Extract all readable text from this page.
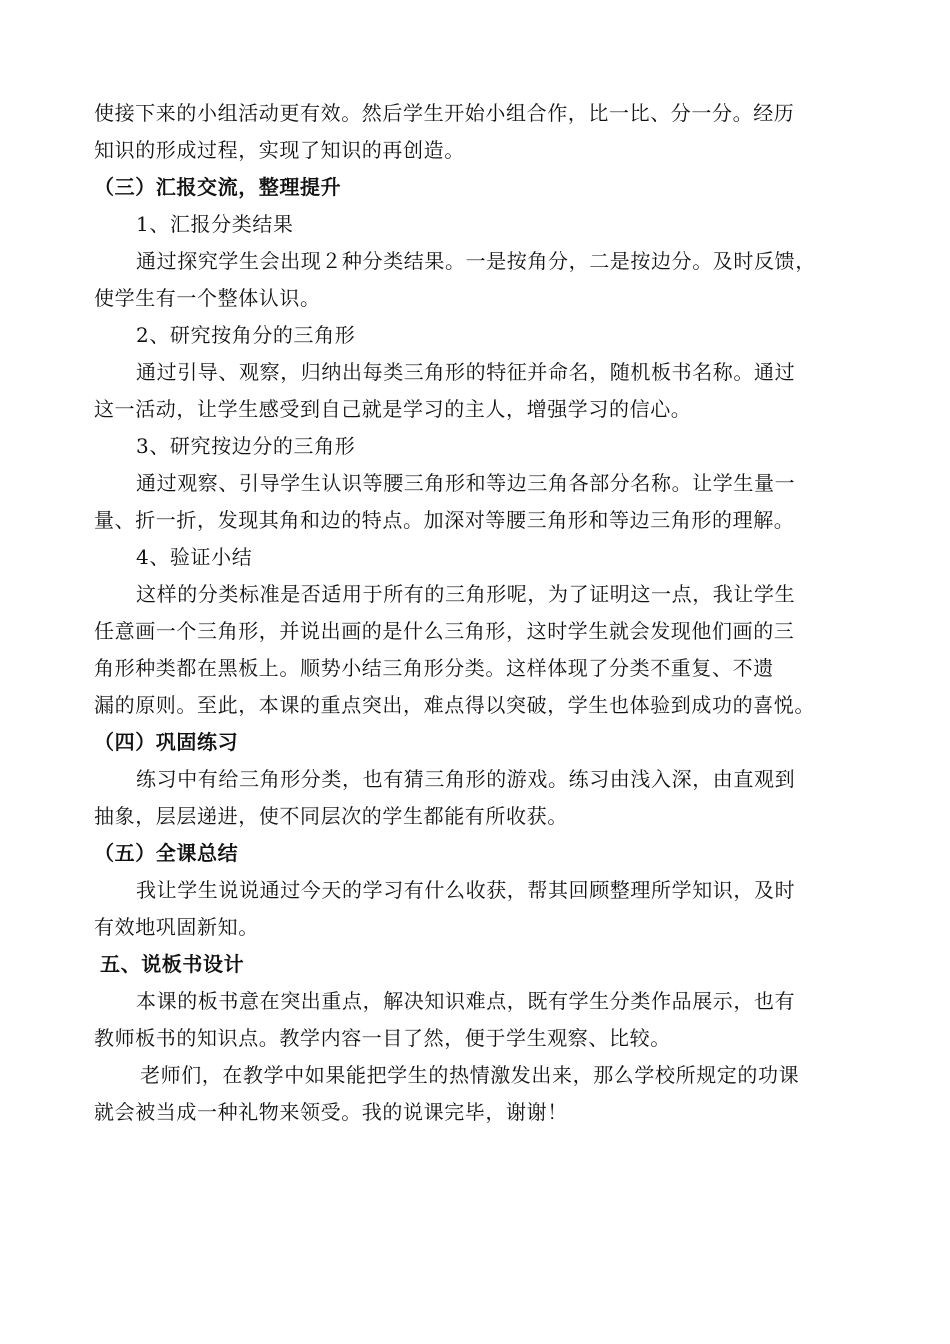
使接下来的小组活动更有效。然后学生开始小组合作，比一比、分一分。经历
知识的形成过程，实现了知识的再创造。
（三）汇报交流，整理提升
1、汇报分类结果
通过探究学生会出现２种分类结果。一是按角分，二是按边分。及时反馈，
使学生有一个整体认识。
2、研究按角分的三角形
通过引导、观察，归纳出每类三角形的特征并命名，随机板书名称。通过
这一活动，让学生感受到自己就是学习的主人，增强学习的信心。
3、研究按边分的三角形
通过观察、引导学生认识等腰三角形和等边三角各部分名称。让学生量一
量、折一折，发现其角和边的特点。加深对等腰三角形和等边三角形的理解。
4、验证小结
这样的分类标准是否适用于所有的三角形呢，为了证明这一点，我让学生
任意画一个三角形，并说出画的是什么三角形，这时学生就会发现他们画的三
角形种类都在黑板上。顺势小结三角形分类。这样体现了分类不重复、不遗
漏的原则。至此，本课的重点突出，难点得以突破，学生也体验到成功的喜悦。
（四）巩固练习
练习中有给三角形分类，也有猜三角形的游戏。练习由浅入深，由直观到
抽象，层层递进，使不同层次的学生都能有所收获。
（五）全课总结
我让学生说说通过今天的学习有什么收获，帮其回顾整理所学知识，及时
有效地巩固新知。
五、说板书设计
本课的板书意在突出重点，解决知识难点，既有学生分类作品展示，也有
教师板书的知识点。教学内容一目了然，便于学生观察、比较。
老师们，在教学中如果能把学生的热情激发出来，那么学校所规定的功课
就会被当成一种礼物来领受。我的说课完毕，谢谢！
